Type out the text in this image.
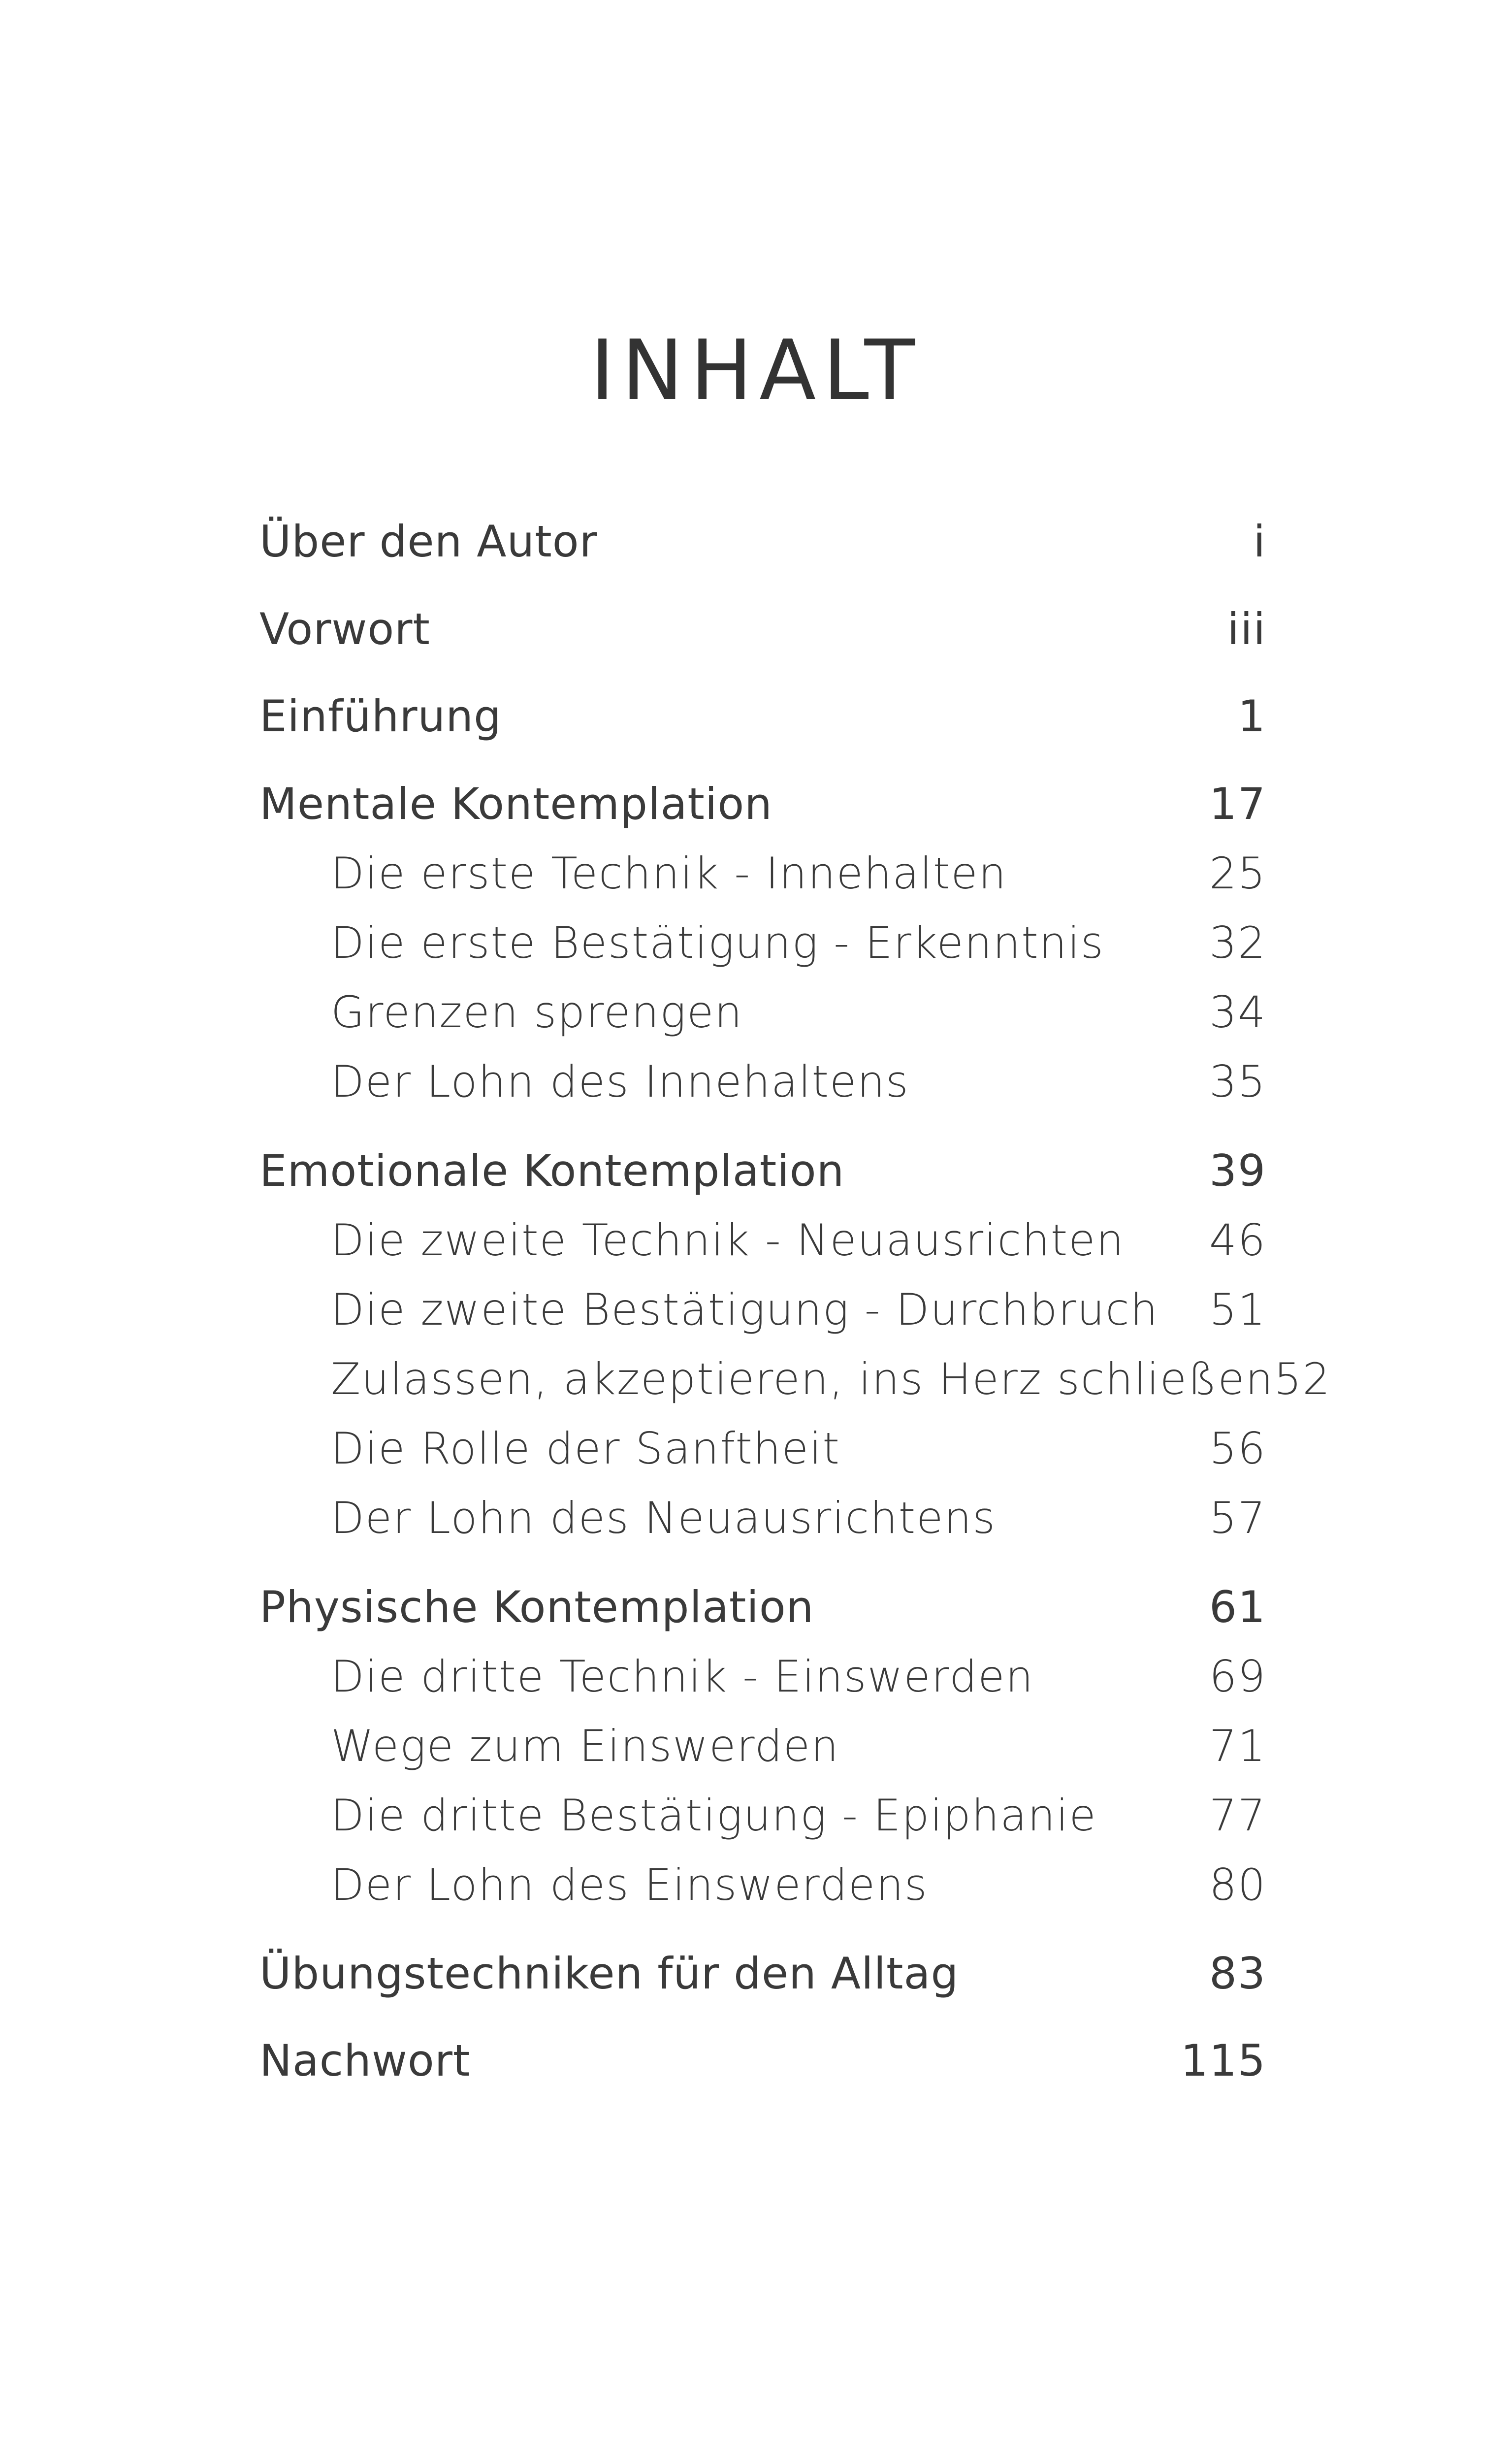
INHALT
Über den Autor	i
Vorwort	iii
Einführung	1
Mentale Kontemplation	17
Die erste Technik - Innehalten	25
Die erste Bestätigung - Erkenntnis 32
Grenzen sprengen	34
Der Lohn des Innehaltens	35
Emotionale Kontemplation	39
Die zweite Technik - Neuausrichten 46
Die zweite Bestätigung - Durchbruch 51
Zulassen, akzeptieren, ins Herz schließen 52
Die Rolle der Sanftheit	56
Der Lohn des Neuausrichtens	57
Physische Kontemplation	61
Die dritte Technik - Einswerden	69
Wege zum Einswerden	71
Die dritte Bestätigung - Epiphanie	77
Der Lohn des Einswerdens	80
Übungstechniken für den Alltag	83
Nachwort	115
